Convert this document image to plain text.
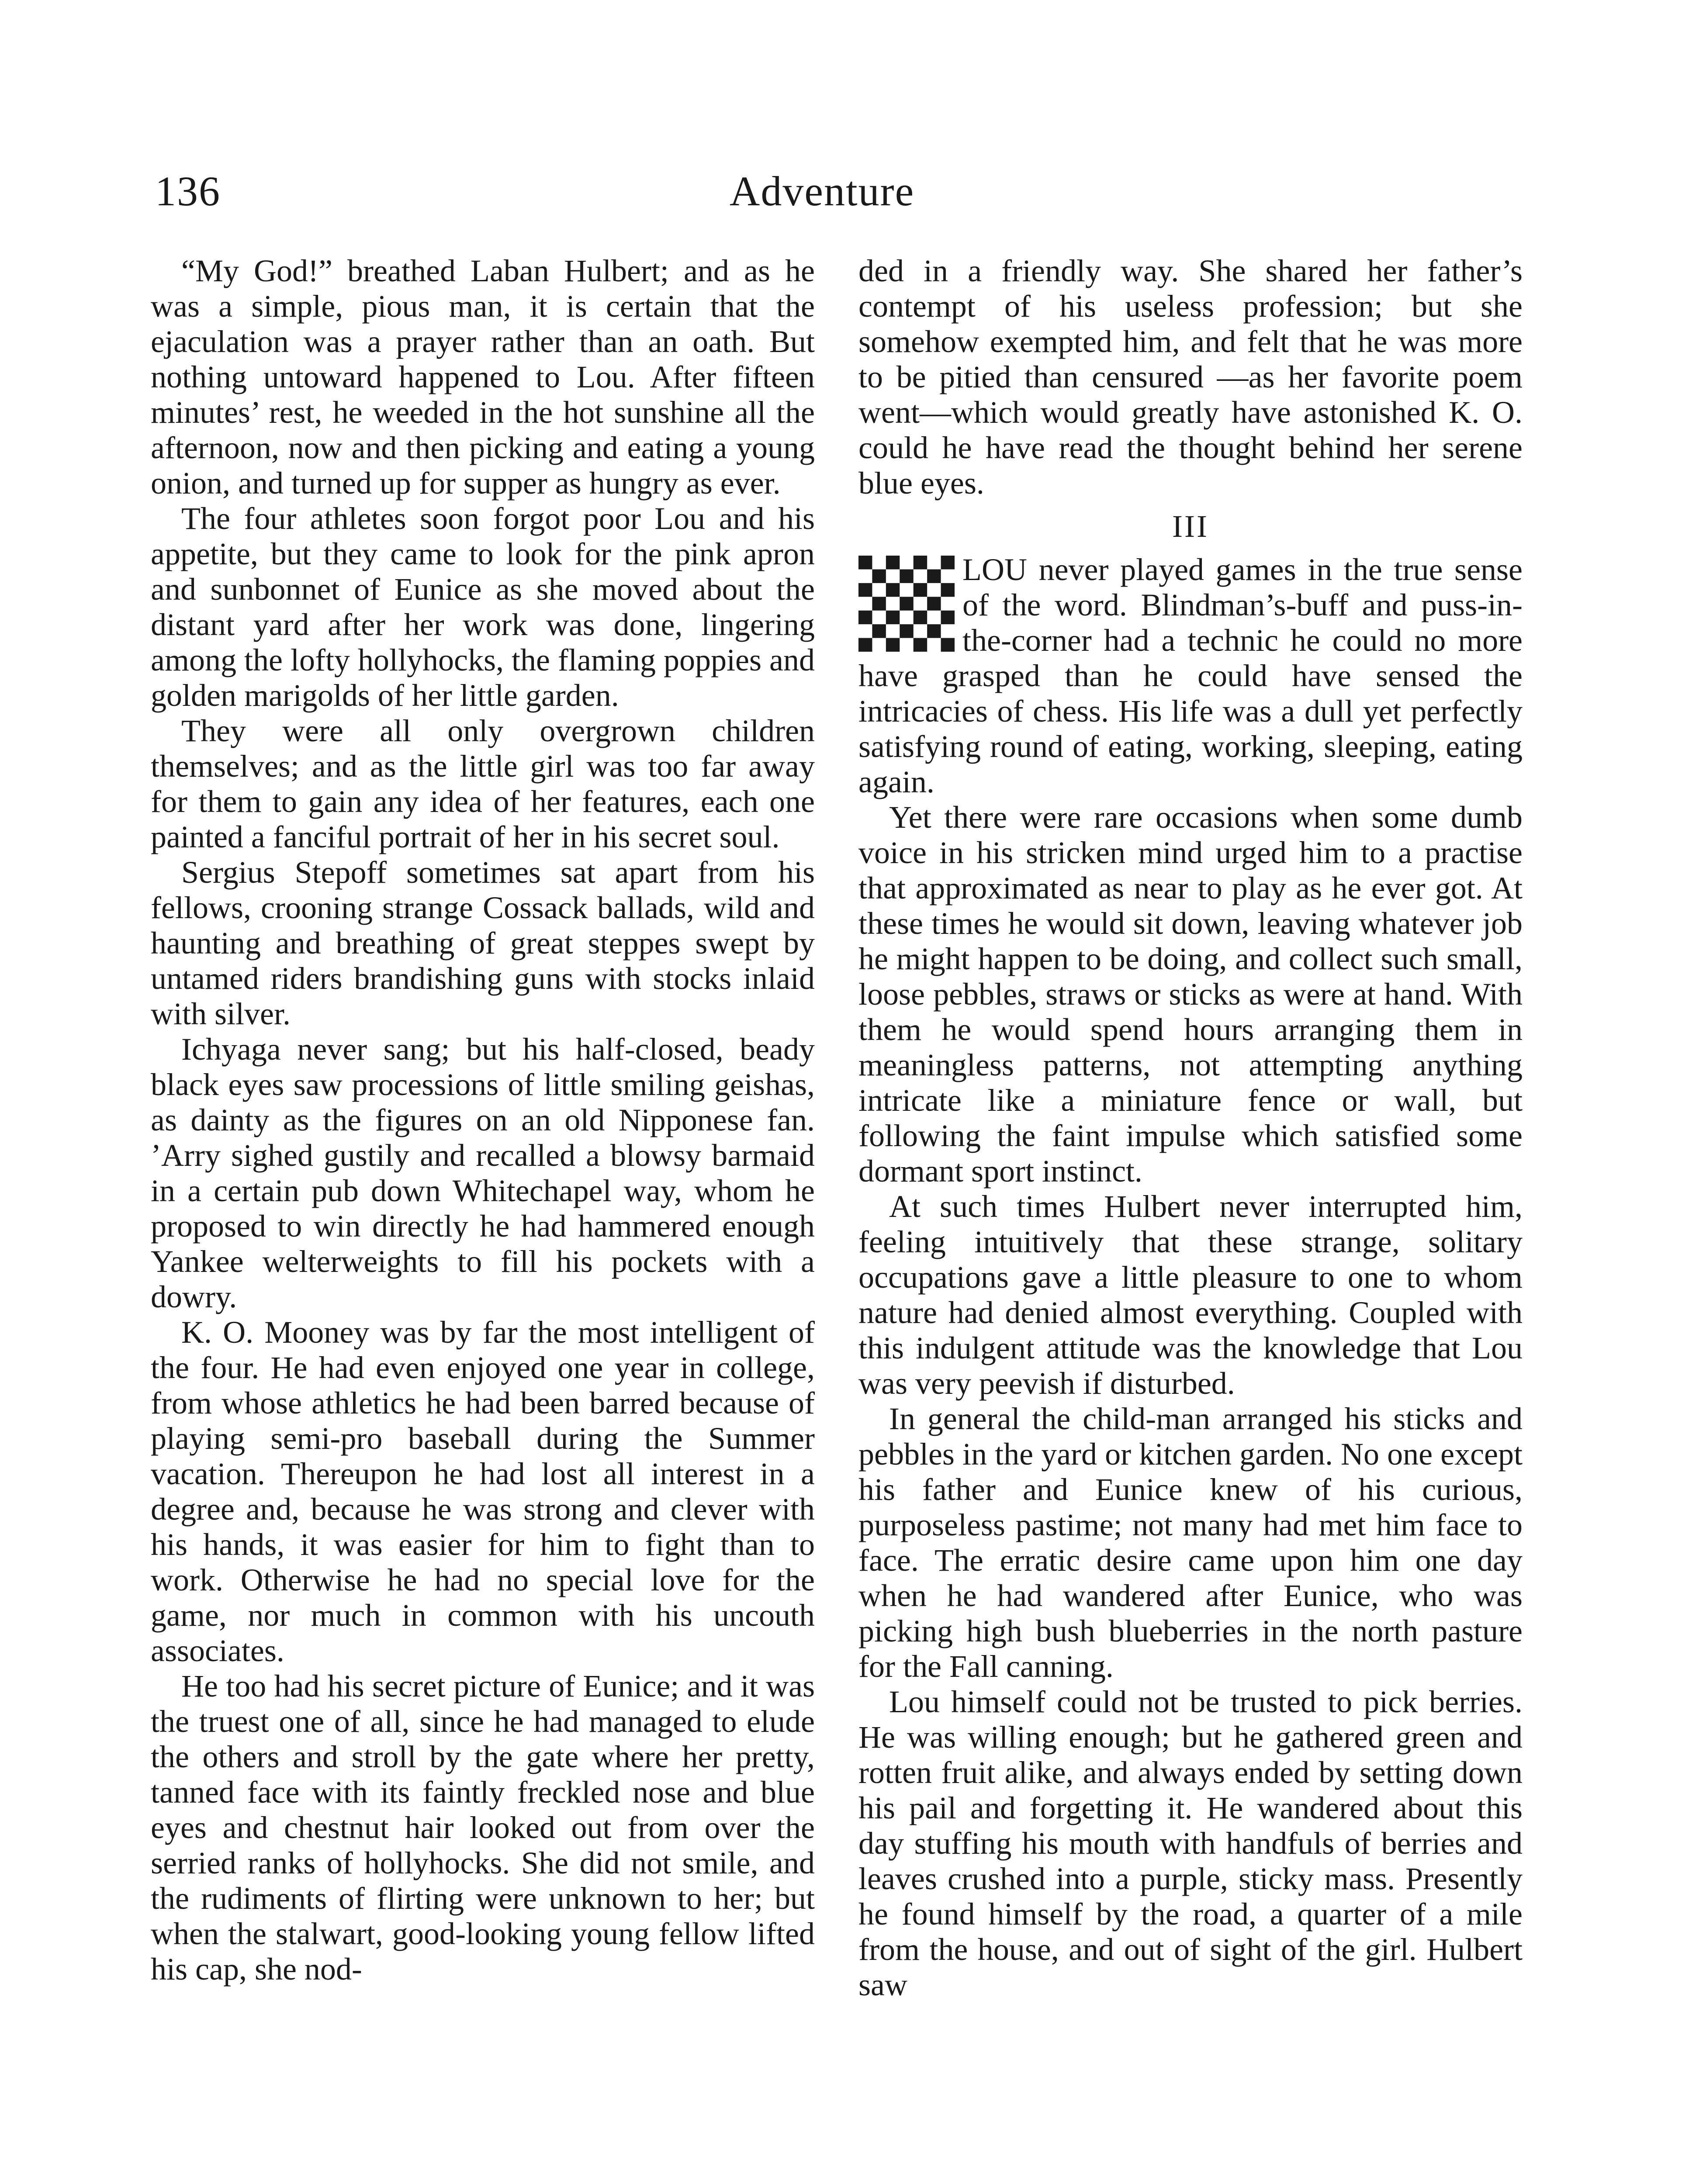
136	Adventure

“My God!” breathed Laban Hulbert; and as he was a simple, pious man, it is certain that the ejaculation was a prayer rather than an oath. But nothing untoward happened to Lou. After fifteen minutes’ rest, he weeded in the hot sunshine all the afternoon, now and then picking and eating a young onion, and turned up for supper as hungry as ever.

The four athletes soon forgot poor Lou and his appetite, but they came to look for the pink apron and sunbonnet of Eunice as she moved about the distant yard after her work was done, lingering among the lofty hollyhocks, the flaming poppies and golden marigolds of her little garden.

They were all only overgrown children themselves; and as the little girl was too far away for them to gain any idea of her features, each one painted a fanciful portrait of her in his secret soul.

Sergius Stepoff sometimes sat apart from his fellows, crooning strange Cossack ballads, wild and haunting and breathing of great steppes swept by untamed riders brandishing guns with stocks inlaid with silver.

Ichyaga never sang; but his half-closed, beady black eyes saw processions of little smiling geishas, as dainty as the figures on an old Nipponese fan. ’Arry sighed gustily and recalled a blowsy barmaid in a certain pub down Whitechapel way, whom he proposed to win directly he had hammered enough Yankee welterweights to fill his pockets with a dowry.

K. O. Mooney was by far the most intelligent of the four. He had even enjoyed one year in college, from whose athletics he had been barred because of playing semi-pro baseball during the Summer vacation. Thereupon he had lost all interest in a degree and, because he was strong and clever with his hands, it was easier for him to fight than to work. Otherwise he had no special love for the game, nor much in common with his uncouth associates.

He too had his secret picture of Eunice; and it was the truest one of all, since he had managed to elude the others and stroll by the gate where her pretty, tanned face with its faintly freckled nose and blue eyes and chestnut hair looked out from over the serried ranks of hollyhocks. She did not smile, and the rudiments of flirting were unknown to her; but when the stalwart, good-looking young fellow lifted his cap, she nod-

ded in a friendly way. She shared her father’s contempt of his useless profession; but she somehow exempted him, and felt that he was more to be pitied than censured —as her favorite poem went—which would greatly have astonished K. O. could he have read the thought behind her serene blue eyes.

III

LOU never played games in the true sense of the word. Blindman’s-buff and puss-in-the-corner had a technic he could no more have grasped than he could have sensed the intricacies of chess. His life was a dull yet perfectly satisfying round of eating, working, sleeping, eating again.

Yet there were rare occasions when some dumb voice in his stricken mind urged him to a practise that approximated as near to play as he ever got. At these times he would sit down, leaving whatever job he might happen to be doing, and collect such small, loose pebbles, straws or sticks as were at hand. With them he would spend hours arranging them in meaningless patterns, not attempting anything intricate like a miniature fence or wall, but following the faint impulse which satisfied some dormant sport instinct.

At such times Hulbert never interrupted him, feeling intuitively that these strange, solitary occupations gave a little pleasure to one to whom nature had denied almost everything. Coupled with this indulgent attitude was the knowledge that Lou was very peevish if disturbed.

In general the child-man arranged his sticks and pebbles in the yard or kitchen garden. No one except his father and Eunice knew of his curious, purposeless pastime; not many had met him face to face. The erratic desire came upon him one day when he had wandered after Eunice, who was picking high bush blueberries in the north pasture for the Fall canning.

Lou himself could not be trusted to pick berries. He was willing enough; but he gathered green and rotten fruit alike, and always ended by setting down his pail and forgetting it. He wandered about this day stuffing his mouth with handfuls of berries and leaves crushed into a purple, sticky mass. Presently he found himself by the road, a quarter of a mile from the house, and out of sight of the girl. Hulbert saw
